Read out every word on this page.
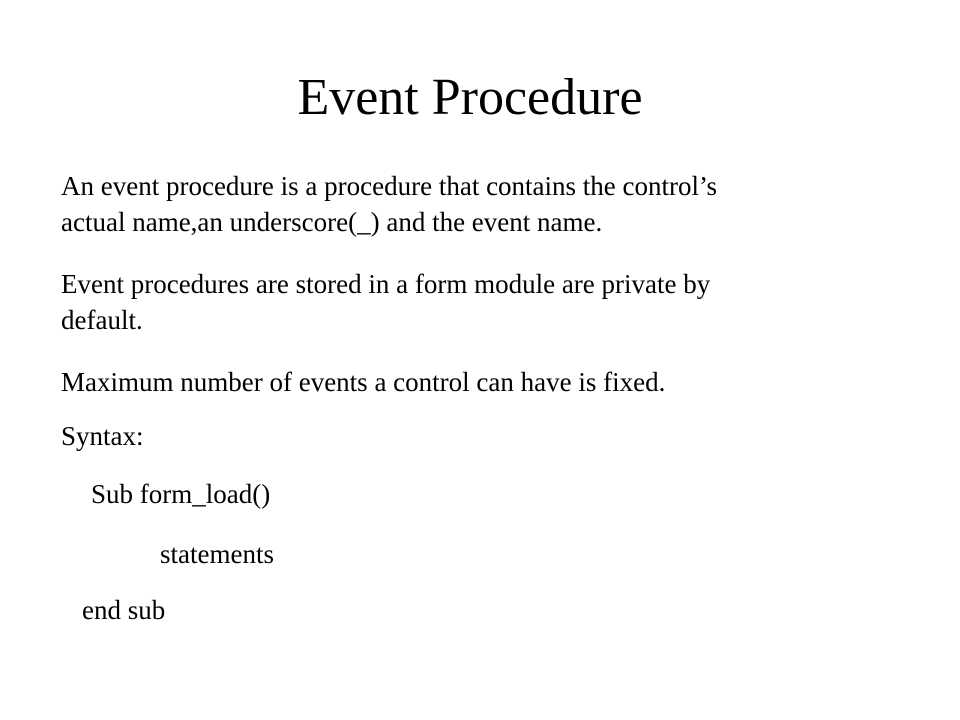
Event Procedure
An event procedure is a procedure that contains the control’s
actual name,an underscore(_) and the event name.
Event procedures are stored in a form module are private by
default.
Maximum number of events a control can have is fixed.
Syntax:
Sub form_load()
statements
end sub
